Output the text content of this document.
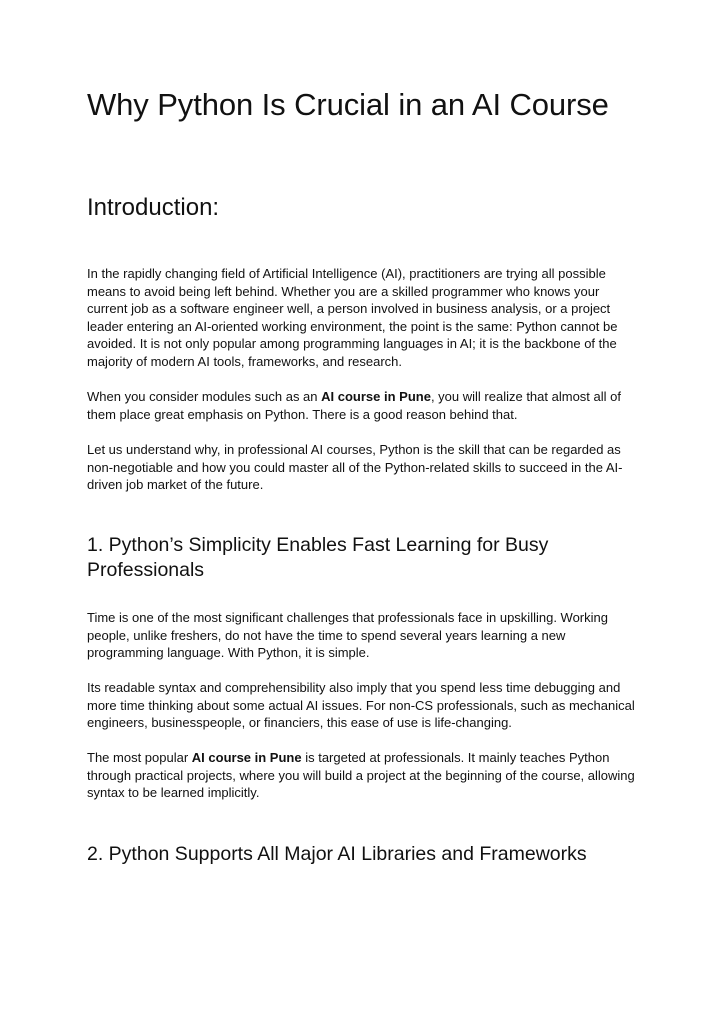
Why Python Is Crucial in an AI Course
Introduction:

In the rapidly changing field of Artificial Intelligence (AI), practitioners are trying all possible means to avoid being left behind. Whether you are a skilled programmer who knows your current job as a software engineer well, a person involved in business analysis, or a project leader entering an AI-oriented working environment, the point is the same: Python cannot be avoided. It is not only popular among programming languages in AI; it is the backbone of the majority of modern AI tools, frameworks, and research.

When you consider modules such as an AI course in Pune, you will realize that almost all of them place great emphasis on Python. There is a good reason behind that.

Let us understand why, in professional AI courses, Python is the skill that can be regarded as non-negotiable and how you could master all of the Python-related skills to succeed in the AI-driven job market of the future.

1. Python’s Simplicity Enables Fast Learning for Busy Professionals

Time is one of the most significant challenges that professionals face in upskilling. Working people, unlike freshers, do not have the time to spend several years learning a new programming language. With Python, it is simple.

Its readable syntax and comprehensibility also imply that you spend less time debugging and more time thinking about some actual AI issues. For non-CS professionals, such as mechanical engineers, businesspeople, or financiers, this ease of use is life-changing.

The most popular AI course in Pune is targeted at professionals. It mainly teaches Python through practical projects, where you will build a project at the beginning of the course, allowing syntax to be learned implicitly.

2. Python Supports All Major AI Libraries and Frameworks
